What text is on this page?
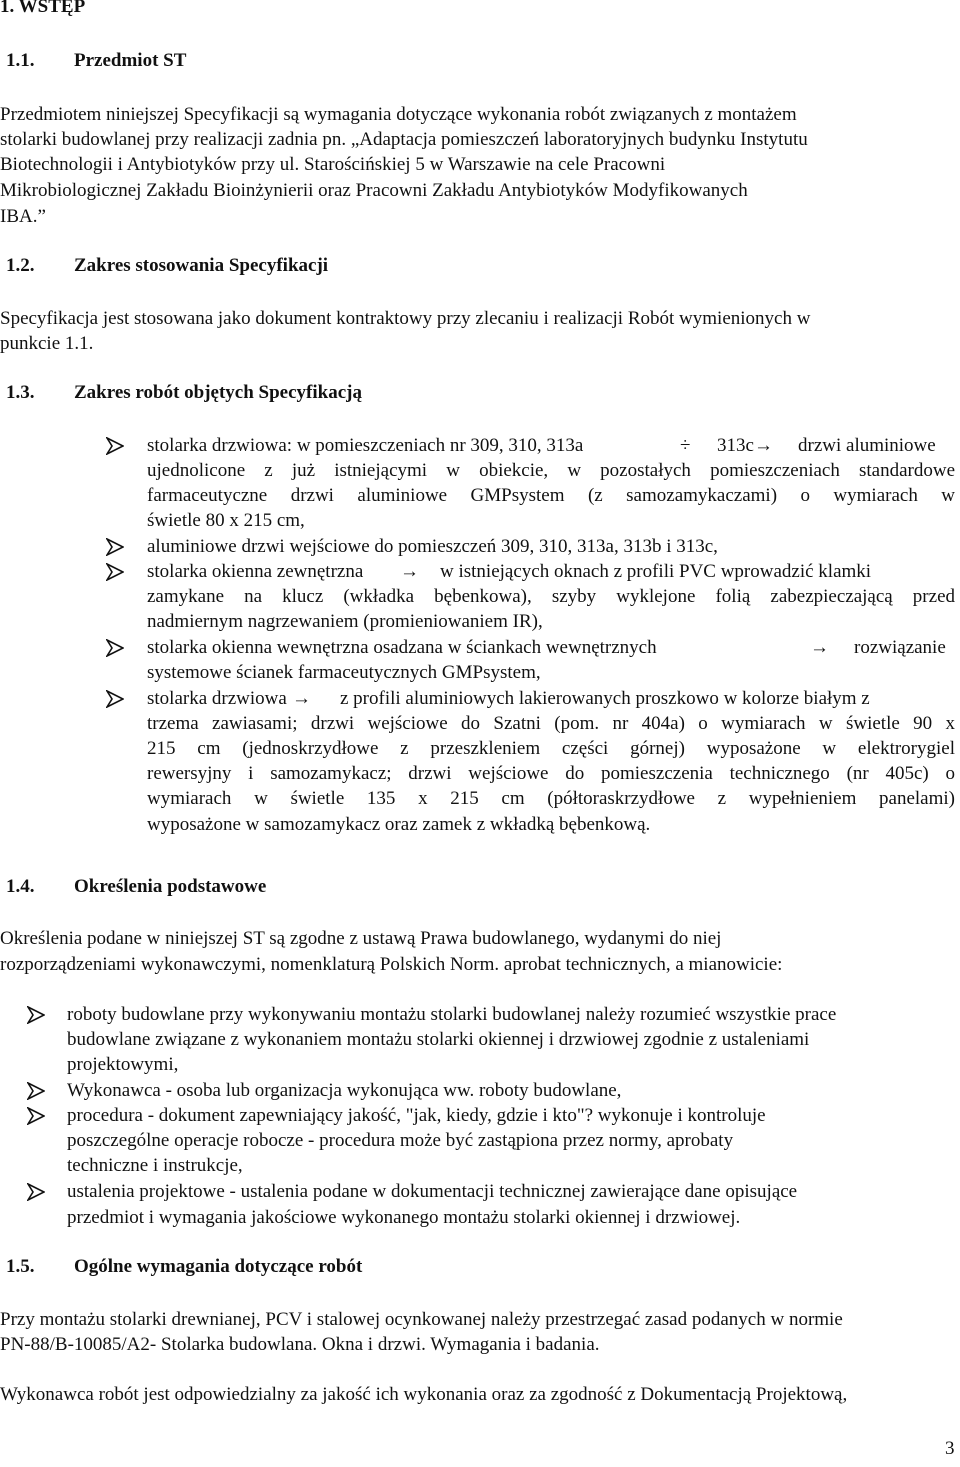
1. WSTĘP
1.1. Przedmiot ST
Przedmiotem niniejszej Specyfikacji są wymagania dotyczące wykonania robót związanych z montażem
stolarki budowlanej przy realizacji zadnia pn. „Adaptacja pomieszczeń laboratoryjnych budynku Instytutu
Biotechnologii i Antybiotyków przy ul. Starościńskiej 5 w Warszawie na cele Pracowni
Mikrobiologicznej Zakładu Bioinżynierii oraz Pracowni Zakładu Antybiotyków Modyfikowanych
IBA.”
1.2. Zakres stosowania Specyfikacji
Specyfikacja jest stosowana jako dokument kontraktowy przy zlecaniu i realizacji Robót wymienionych w
punkcie 1.1.
1.3. Zakres robót objętych Specyfikacją
stolarka drzwiowa: w pomieszczeniach nr 309, 310, 313a	÷ 313c → drzwi aluminiowe
ujednolicone z już istniejącymi w obiekcie, w pozostałych pomieszczeniach standardowe
farmaceutyczne drzwi aluminiowe GMPsystem (z samozamykaczami) o wymiarach w
świetle 80 x 215 cm,
aluminiowe drzwi wejściowe do pomieszczeń 309, 310, 313a, 313b i 313c,
stolarka okienna zewnętrzna → w istniejących oknach z profili PVC wprowadzić klamki
zamykane na klucz (wkładka bębenkowa), szyby wyklejone folią zabezpieczającą przed
nadmiernym nagrzewaniem (promieniowaniem IR),
stolarka okienna wewnętrzna osadzana w ściankach wewnętrznych	→ rozwiązanie
systemowe ścianek farmaceutycznych GMPsystem,
stolarka drzwiowa → z profili aluminiowych lakierowanych proszkowo w kolorze białym z
trzema zawiasami; drzwi wejściowe do Szatni (pom. nr 404a) o wymiarach w świetle 90 x
215 cm (jednoskrzydłowe z przeszkleniem części górnej) wyposażone w elektrorygiel
rewersyjny i samozamykacz; drzwi wejściowe do pomieszczenia technicznego (nr 405c) o
wymiarach w świetle 135 x 215 cm (półtoraskrzydłowe z wypełnieniem panelami)
wyposażone w samozamykacz oraz zamek z wkładką bębenkową.
1.4. Określenia podstawowe
Określenia podane w niniejszej ST są zgodne z ustawą Prawa budowlanego, wydanymi do niej
rozporządzeniami wykonawczymi, nomenklaturą Polskich Norm. aprobat technicznych, a mianowicie:
roboty budowlane przy wykonywaniu montażu stolarki budowlanej należy rozumieć wszystkie prace
budowlane związane z wykonaniem montażu stolarki okiennej i drzwiowej zgodnie z ustaleniami
projektowymi,
Wykonawca - osoba lub organizacja wykonująca ww. roboty budowlane,
procedura - dokument zapewniający jakość, "jak, kiedy, gdzie i kto"? wykonuje i kontroluje
poszczególne operacje robocze - procedura może być zastąpiona przez normy, aprobaty
techniczne i instrukcje,
ustalenia projektowe - ustalenia podane w dokumentacji technicznej zawierające dane opisujące
przedmiot i wymagania jakościowe wykonanego montażu stolarki okiennej i drzwiowej.
1.5. Ogólne wymagania dotyczące robót
Przy montażu stolarki drewnianej, PCV i stalowej ocynkowanej należy przestrzegać zasad podanych w normie
PN-88/B-10085/A2- Stolarka budowlana. Okna i drzwi. Wymagania i badania.
Wykonawca robót jest odpowiedzialny za jakość ich wykonania oraz za zgodność z Dokumentacją Projektową,
3
